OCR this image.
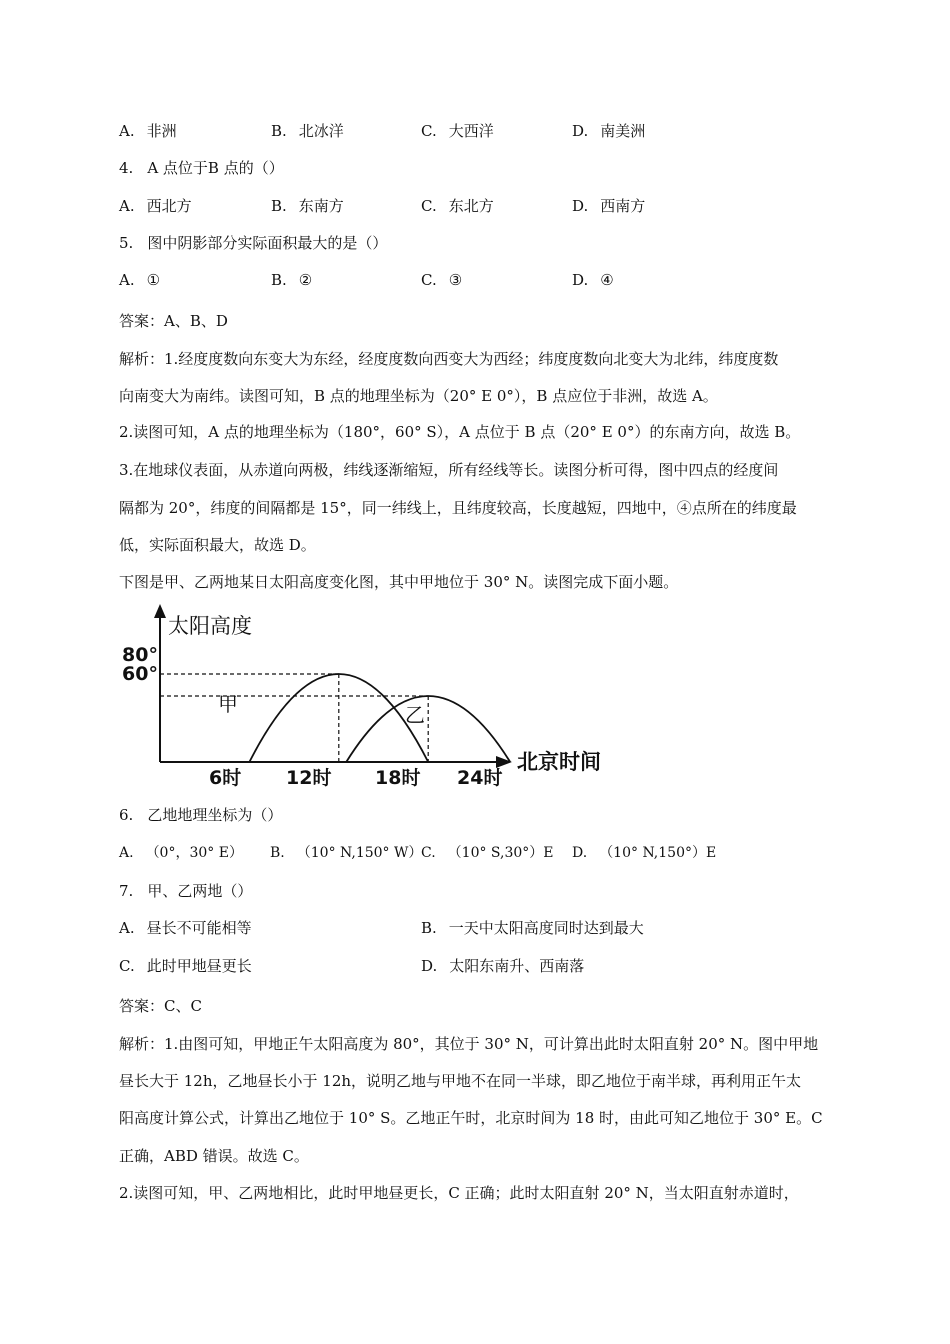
A. 非洲	B. 北冰洋	C. 大西洋	D. 南美洲
4. A 点位于B 点的（）
A. 西北方	B. 东南方	C. 东北方	D. 西南方
5. 图中阴影部分实际面积最大的是（）
A. ①	B. ②	C. ③	D. ④
答案：A、B、D
解析：1.经度度数向东变大为东经，经度度数向西变大为西经；纬度度数向北变大为北纬，纬度度数
向南变大为南纬。读图可知，B 点的地理坐标为（20° E 0°），B 点应位于非洲，故选 A。
2.读图可知，A 点的地理坐标为（180°，60° S），A 点位于 B 点（20° E 0°）的东南方向，故选 B。
3.在地球仪表面，从赤道向两极，纬线逐渐缩短，所有经线等长。读图分析可得，图中四点的经度间
隔都为 20°，纬度的间隔都是 15°，同一纬线上，且纬度较高，长度越短，四地中，④点所在的纬度最
低，实际面积最大，故选 D。
下图是甲、乙两地某日太阳高度变化图，其中甲地位于 30° N。读图完成下面小题。
太阳高度
北京时间
80°
60°
6时 12时 18时 24时
甲	乙
6. 乙地地理坐标为（）
A. （0°，30° E） B. （10° N,150° W）
C. （10° S,30°）E D. （10° N,150°）E
7. 甲、乙两地（）
A. 昼长不可能相等	B. 一天中太阳高度同时达到最大
C. 此时甲地昼更长	D. 太阳东南升、西南落
答案：C、C
解析：1.由图可知，甲地正午太阳高度为 80°，其位于 30° N，可计算出此时太阳直射 20° N。图中甲地
昼长大于 12h，乙地昼长小于 12h，说明乙地与甲地不在同一半球，即乙地位于南半球，再利用正午太
阳高度计算公式，计算出乙地位于 10° S。乙地正午时，北京时间为 18 时，由此可知乙地位于 30° E。C
正确，ABD 错误。故选 C。
2.读图可知，甲、乙两地相比，此时甲地昼更长，C 正确；此时太阳直射 20° N，当太阳直射赤道时，
